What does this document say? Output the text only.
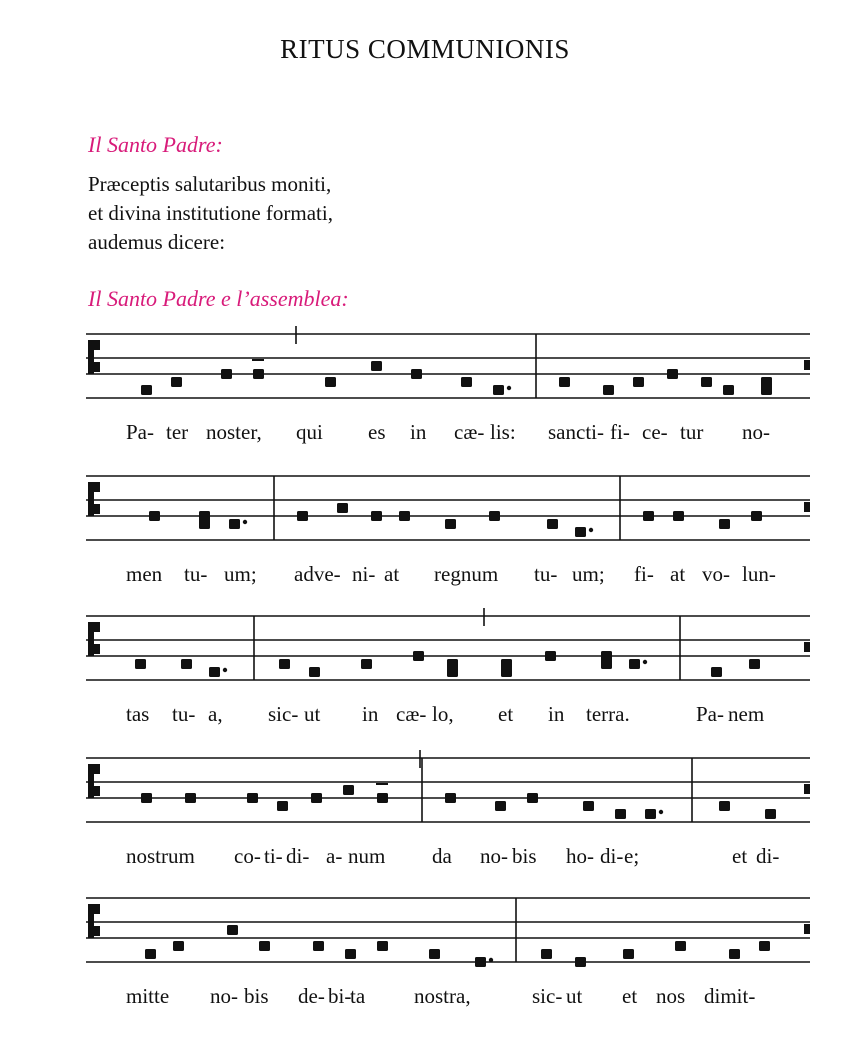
RITUS COMMUNIONIS
Il Santo Padre:
Præceptis salutaribus moniti,
et divina institutione formati,
audemus dicere:
Il Santo Padre e l’assemblea:
Pa- ter noster, qui es in cæ- lis: sancti- fi- ce- tur no-
men tu- um; adve- ni- at regnum tu- um; fi- at vo- lun-
tas tu- a, sic- ut in cæ- lo, et in terra.	Pa- nem
nostrum co- ti- di- a- num da no- bis ho- di- e;	et di-
mitte no- bis de- bi-
ta nostra,	sic- ut et nos dimit-
